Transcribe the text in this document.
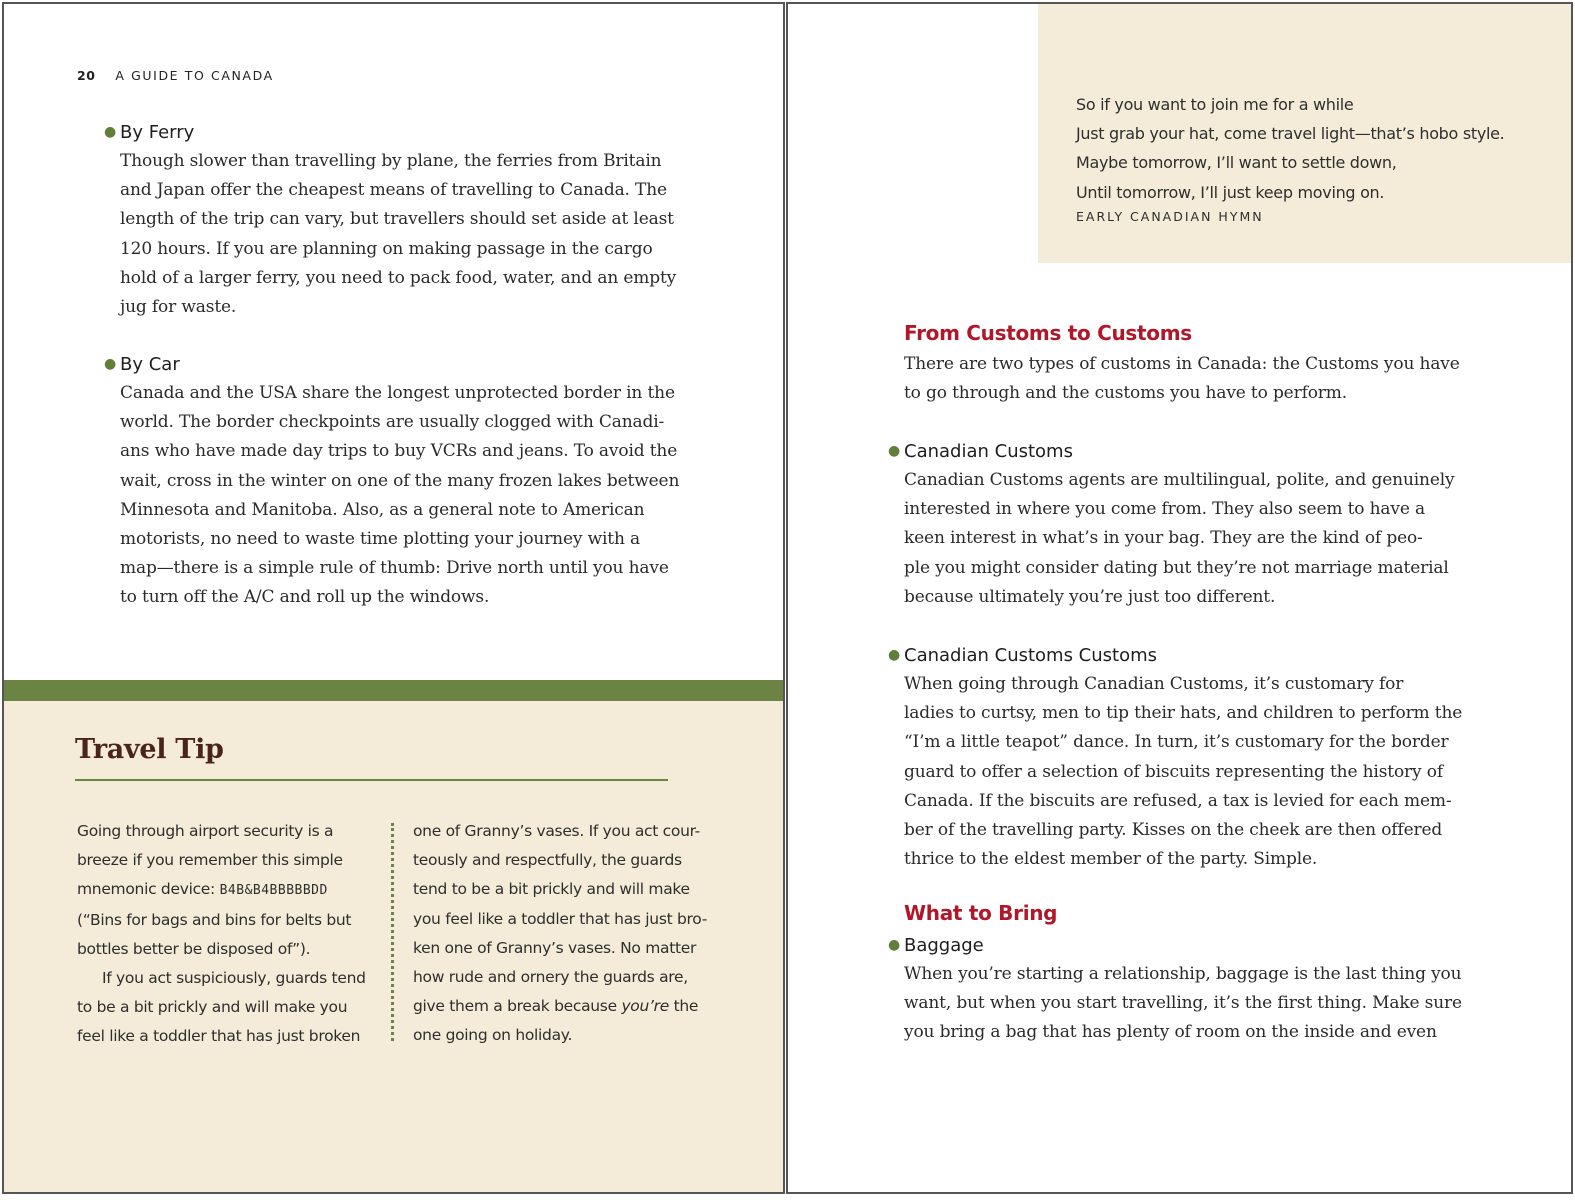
20 A GUIDE TO CANADA
● By Ferry
Though slower than travelling by plane, the ferries from Britain
and Japan offer the cheapest means of travelling to Canada. The
length of the trip can vary, but travellers should set aside at least
120 hours. If you are planning on making passage in the cargo
hold of a larger ferry, you need to pack food, water, and an empty
jug for waste.
● By Car
Canada and the USA share the longest unprotected border in the
world. The border checkpoints are usually clogged with Canadi-
ans who have made day trips to buy VCRs and jeans. To avoid the
wait, cross in the winter on one of the many frozen lakes between
Minnesota and Manitoba. Also, as a general note to American
motorists, no need to waste time plotting your journey with a
map—there is a simple rule of thumb: Drive north until you have
to turn off the A/C and roll up the windows.
Travel Tip

Going through airport security is a
breeze if you remember this simple
mnemonic device: B4B&B4BBBBBDD
(“Bins for bags and bins for belts but
bottles better be disposed of”).

If you act suspiciously, guards tend
to be a bit prickly and will make you
feel like a toddler that has just broken

one of Granny’s vases. If you act cour-
teously and respectfully, the guards
tend to be a bit prickly and will make
you feel like a toddler that has just bro-
ken one of Granny’s vases. No matter
how rude and ornery the guards are,
give them a break because you’re the
one going on holiday.

So if you want to join me for a while
Just grab your hat, come travel light—that’s hobo style.
Maybe tomorrow, I’ll want to settle down,
Until tomorrow, I’ll just keep moving on.
EARLY CANADIAN HYMN
From Customs to Customs
There are two types of customs in Canada: the Customs you have
to go through and the customs you have to perform.
● Canadian Customs
Canadian Customs agents are multilingual, polite, and genuinely
interested in where you come from. They also seem to have a
keen interest in what’s in your bag. They are the kind of peo-
ple you might consider dating but they’re not marriage material
because ultimately you’re just too different.
● Canadian Customs Customs
When going through Canadian Customs, it’s customary for
ladies to curtsy, men to tip their hats, and children to perform the
“I’m a little teapot” dance. In turn, it’s customary for the border
guard to offer a selection of biscuits representing the history of
Canada. If the biscuits are refused, a tax is levied for each mem-
ber of the travelling party. Kisses on the cheek are then offered
thrice to the eldest member of the party. Simple.
What to Bring
● Baggage
When you’re starting a relationship, baggage is the last thing you
want, but when you start travelling, it’s the first thing. Make sure
you bring a bag that has plenty of room on the inside and even
